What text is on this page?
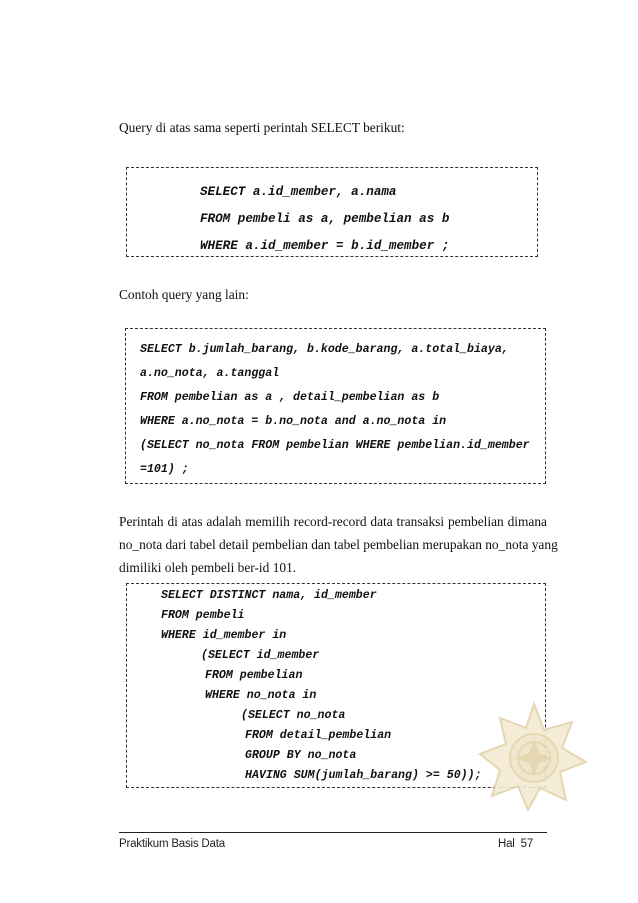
Query di atas sama seperti perintah SELECT berikut:

SELECT a.id_member, a.nama
FROM pembeli as a, pembelian as b
WHERE a.id_member = b.id_member ;

Contoh query yang lain:

SELECT b.jumlah_barang, b.kode_barang, a.total_biaya,
a.no_nota, a.tanggal
FROM pembelian as a , detail_pembelian as b
WHERE a.no_nota = b.no_nota and a.no_nota in
(SELECT no_nota FROM pembelian WHERE pembelian.id_member
=101) ;
Perintah di atas adalah memilih record-record data transaksi pembelian dimana
no_nota dari tabel detail pembelian dan tabel pembelian merupakan no_nota yang
dimiliki oleh pembeli ber-id 101.
SELECT DISTINCT nama, id_member
FROM pembeli
WHERE id_member in
(SELECT id_member
FROM pembelian
WHERE no_nota in
(SELECT no_nota
FROM detail_pembelian
GROUP BY no_nota
HAVING SUM(jumlah_barang) >= 50));

Praktikum Basis Data	Hal  57
